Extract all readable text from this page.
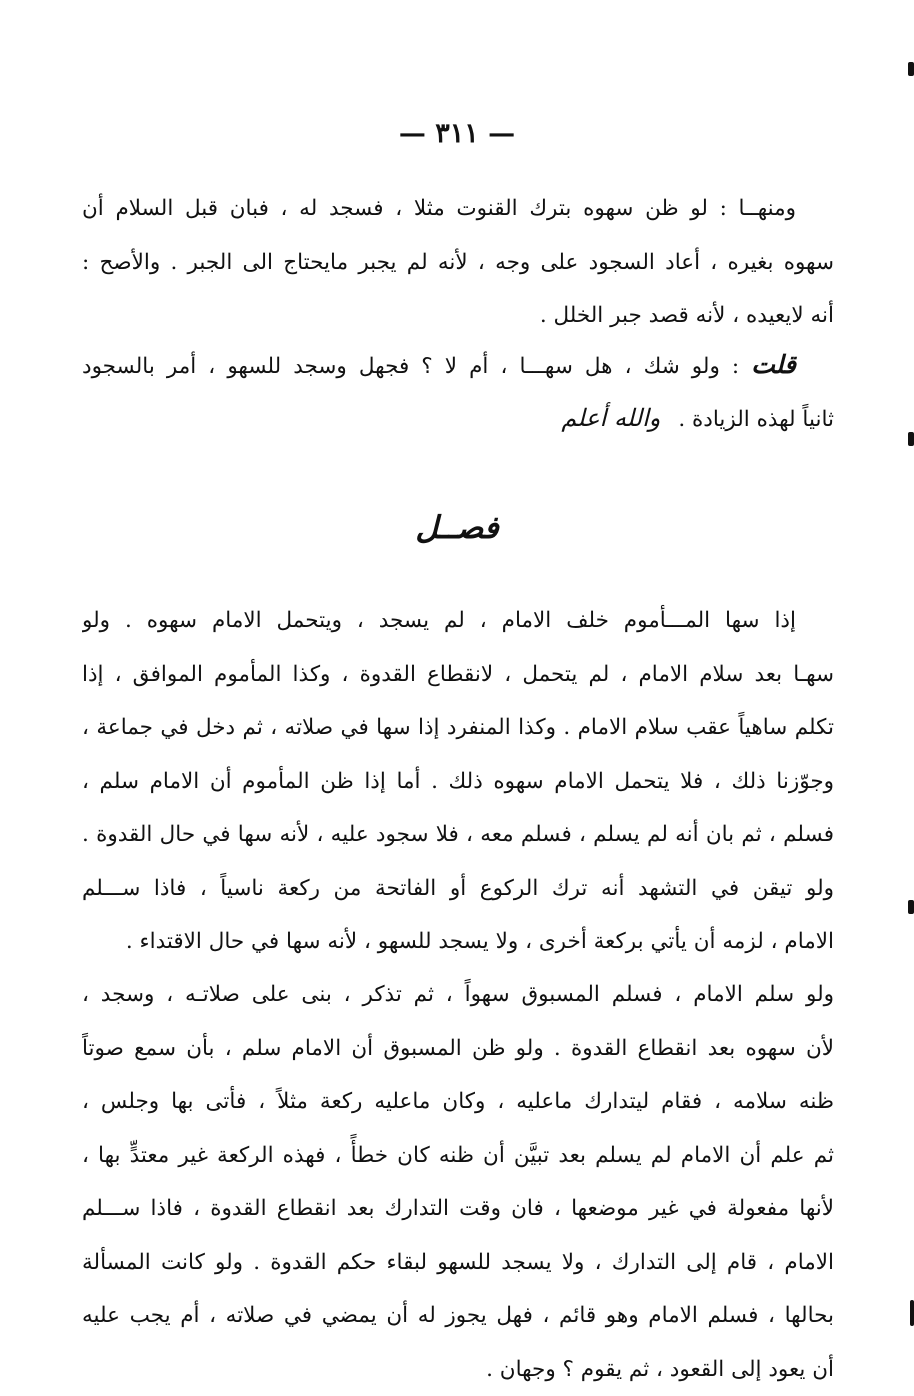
— ٣١١ —
ومنهــا : لو ظن سهوه بترك القنوت مثلا ، فسجد له ، فبان قبل السلام أن
سهوه بغيره ، أعاد السجود على وجه ، لأنه لم يجبر مايحتاج الى الجبر . والأصح :
أنه لايعيده ، لأنه قصد جبر الخلل .
قلت : ولو شك ، هل سهـــا ، أم لا ؟ فجهل وسجد للسهو ، أمر بالسجود
ثانياً لهذه الزيادة .والله أعلم
فصــل
إذا سها المـــأموم خلف الامام ، لم يسجد ، ويتحمل الامام سهوه . ولو
سهـا بعد سلام الامام ، لم يتحمل ، لانقطاع القدوة ، وكذا المأموم الموافق ، إذا
تكلم ساهياً عقب سلام الامام . وكذا المنفرد إذا سها في صلاته ، ثم دخل في جماعة ،
وجوّزنا ذلك ، فلا يتحمل الامام سهوه ذلك . أما إذا ظن المأموم أن الامام سلم ،
فسلم ، ثم بان أنه لم يسلم ، فسلم معه ، فلا سجود عليه ، لأنه سها في حال القدوة .
ولو تيقن في التشهد أنه ترك الركوع أو الفاتحة من ركعة ناسياً ، فاذا ســـلم
الامام ، لزمه أن يأتي بركعة أخرى ، ولا يسجد للسهو ، لأنه سها في حال الاقتداء .
ولو سلم الامام ، فسلم المسبوق سهواً ، ثم تذكر ، بنى على صلاتـه ، وسجد ،
لأن سهوه بعد انقطاع القدوة . ولو ظن المسبوق أن الامام سلم ، بأن سمع صوتاً
ظنه سلامه ، فقام ليتدارك ماعليه ، وكان ماعليه ركعة مثلاً ، فأتى بها وجلس ،
ثم علم أن الامام لم يسلم بعد تبيَّن أن ظنه كان خطأً ، فهذه الركعة غير معتدٍّ بها ،
لأنها مفعولة في غير موضعها ، فان وقت التدارك بعد انقطاع القدوة ، فاذا ســـلم
الامام ، قام إلى التدارك ، ولا يسجد للسهو لبقاء حكم القدوة . ولو كانت المسألة
بحالها ، فسلم الامام وهو قائم ، فهل يجوز له أن يمضي في صلاته ، أم يجب عليه
أن يعود إلى القعود ، ثم يقوم ؟ وجهان .
